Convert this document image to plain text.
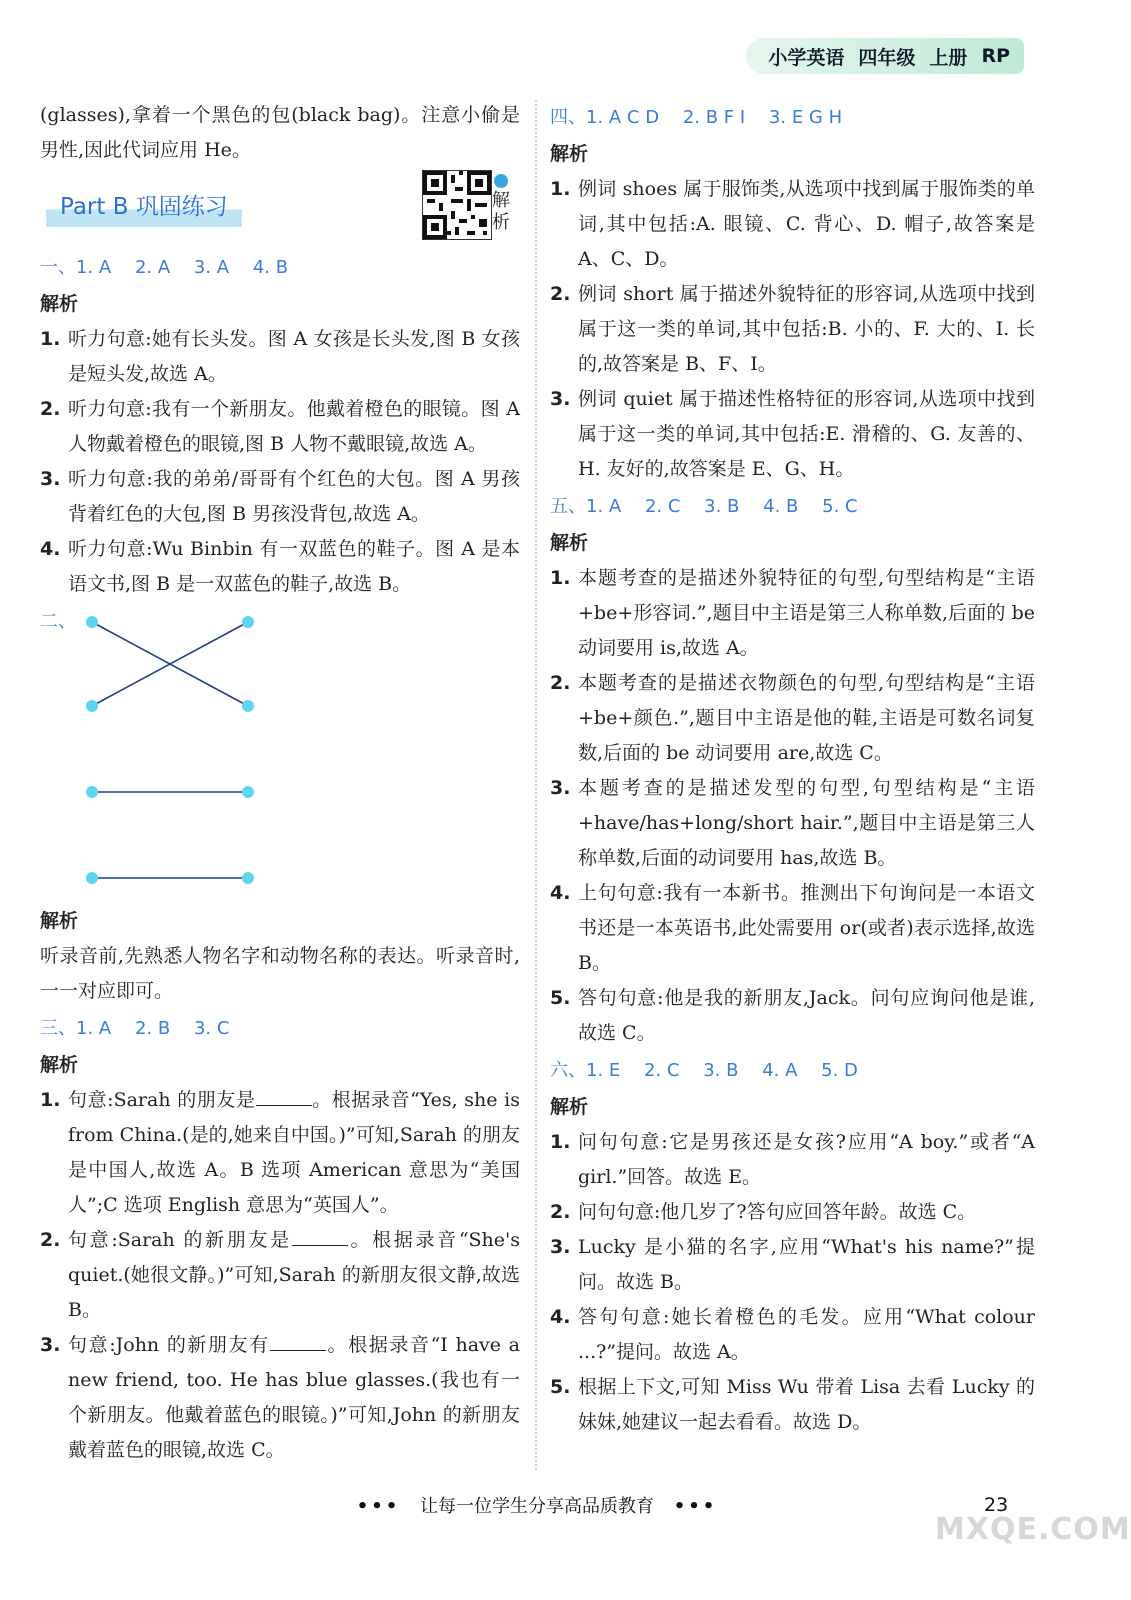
小学英语 四年级 上册 RP
(glasses),拿着一个黑色的包(black bag)。注意小偷是男性,因此代词应用 He。
Part B 巩固练习	解析
一、1. A 2. A 3. A 4. B
解析
1. 听力句意:她有长头发。图 A 女孩是长头发,图 B 女孩是短头发,故选 A。
2. 听力句意:我有一个新朋友。他戴着橙色的眼镜。图 A 人物戴着橙色的眼镜,图 B 人物不戴眼镜,故选 A。
3. 听力句意:我的弟弟/哥哥有个红色的大包。图 A 男孩背着红色的大包,图 B 男孩没背包,故选 A。
4. 听力句意:Wu Binbin 有一双蓝色的鞋子。图 A 是本语文书,图 B 是一双蓝色的鞋子,故选 B。
二、
解析
听录音前,先熟悉人物名字和动物名称的表达。听录音时,一一对应即可。
三、1. A 2. B 3. C
解析
1. 句意:Sarah 的朋友是	。根据录音“Yes, she is from China.(是的,她来自中国。)”可知,Sarah 的朋友是中国人,故选 A。B 选项 American 意思为“美国人”;C 选项 English 意思为“英国人”。
2. 句意:Sarah 的新朋友是	。根据录音“She's quiet.(她很文静。)”可知,Sarah 的新朋友很文静,故选 B。
3. 句意:John 的新朋友有	。根据录音“I have a new friend, too. He has blue glasses.(我也有一个新朋友。他戴着蓝色的眼镜。)”可知,John 的新朋友戴着蓝色的眼镜,故选 C。
四、1. A C D 2. B F I 3. E G H
解析
1. 例词 shoes 属于服饰类,从选项中找到属于服饰类的单词,其中包括:A. 眼镜、C. 背心、D. 帽子,故答案是 A、C、D。
2. 例词 short 属于描述外貌特征的形容词,从选项中找到属于这一类的单词,其中包括:B. 小的、F. 大的、I. 长的,故答案是 B、F、I。
3. 例词 quiet 属于描述性格特征的形容词,从选项中找到属于这一类的单词,其中包括:E. 滑稽的、G. 友善的、H. 友好的,故答案是 E、G、H。
五、1. A 2. C 3. B 4. B 5. C
解析
1. 本题考查的是描述外貌特征的句型,句型结构是“主语+be+形容词.”,题目中主语是第三人称单数,后面的 be 动词要用 is,故选 A。
2. 本题考查的是描述衣物颜色的句型,句型结构是“主语+be+颜色.”,题目中主语是他的鞋,主语是可数名词复数,后面的 be 动词要用 are,故选 C。
3. 本题考查的是描述发型的句型,句型结构是“主语+have/has+long/short hair.”,题目中主语是第三人称单数,后面的动词要用 has,故选 B。
4. 上句句意:我有一本新书。推测出下句询问是一本语文书还是一本英语书,此处需要用 or(或者)表示选择,故选 B。
5. 答句句意:他是我的新朋友,Jack。问句应询问他是谁,故选 C。
六、1. E 2. C 3. B 4. A 5. D
解析
1. 问句句意:它是男孩还是女孩?应用“A boy.”或者“A girl.”回答。故选 E。
2. 问句句意:他几岁了?答句应回答年龄。故选 C。
3. Lucky 是小猫的名字,应用“What's his name?”提问。故选 B。
4. 答句句意:她长着橙色的毛发。应用“What colour ...?”提问。故选 A。
5. 根据上下文,可知 Miss Wu 带着 Lisa 去看 Lucky 的妹妹,她建议一起去看看。故选 D。
••• 让每一位学生分享高品质教育 •••	23
MXQE.COM
